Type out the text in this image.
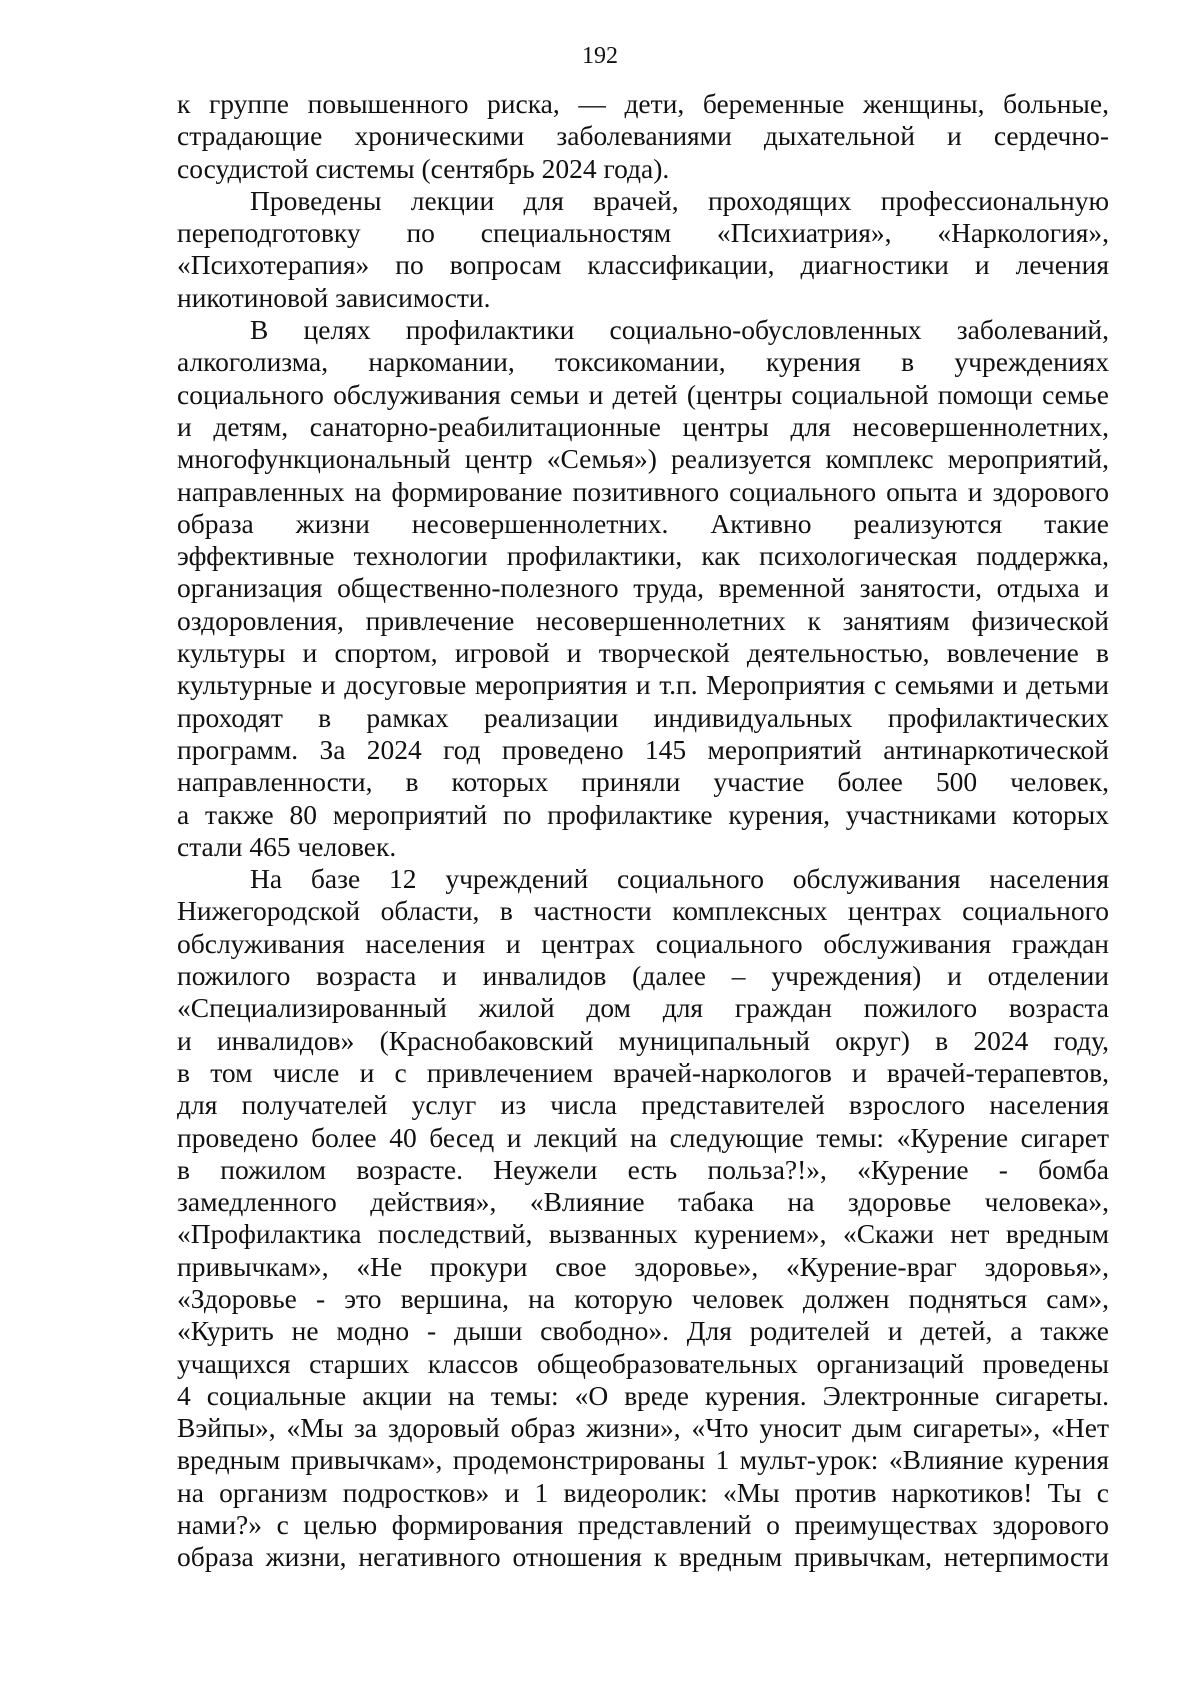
192
к группе повышенного риска, — дети, беременные женщины, больные,
страдающие хроническими заболеваниями дыхательной и сердечно-
сосудистой системы (сентябрь 2024 года).
Проведены лекции для врачей, проходящих профессиональную
переподготовку по специальностям «Психиатрия», «Наркология»,
«Психотерапия» по вопросам классификации, диагностики и лечения
никотиновой зависимости.
В целях профилактики социально-обусловленных заболеваний,
алкоголизма, наркомании, токсикомании, курения в учреждениях
социального обслуживания семьи и детей (центры социальной помощи семье
и детям, санаторно-реабилитационные центры для несовершеннолетних,
многофункциональный центр «Семья») реализуется комплекс мероприятий,
направленных на формирование позитивного социального опыта и здорового
образа жизни несовершеннолетних. Активно реализуются такие
эффективные технологии профилактики, как психологическая поддержка,
организация общественно-полезного труда, временной занятости, отдыха и
оздоровления, привлечение несовершеннолетних к занятиям физической
культуры и спортом, игровой и творческой деятельностью, вовлечение в
культурные и досуговые мероприятия и т.п. Мероприятия с семьями и детьми
проходят в рамках реализации индивидуальных профилактических
программ. За 2024 год проведено 145 мероприятий антинаркотической
направленности, в которых приняли участие более 500 человек,
а также 80 мероприятий по профилактике курения, участниками которых
стали 465 человек.
На базе 12 учреждений социального обслуживания населения
Нижегородской области, в частности комплексных центрах социального
обслуживания населения и центрах социального обслуживания граждан
пожилого возраста и инвалидов (далее – учреждения) и отделении
«Специализированный жилой дом для граждан пожилого возраста
и инвалидов» (Краснобаковский муниципальный округ) в 2024 году,
в том числе и с привлечением врачей-наркологов и врачей-терапевтов,
для получателей услуг из числа представителей взрослого населения
проведено более 40 бесед и лекций на следующие темы: «Курение сигарет
в пожилом возрасте. Неужели есть польза?!», «Курение - бомба
замедленного действия», «Влияние табака на здоровье человека»,
«Профилактика последствий, вызванных курением», «Скажи нет вредным
привычкам», «Не прокури свое здоровье», «Курение-враг здоровья»,
«Здоровье - это вершина, на которую человек должен подняться сам»,
«Курить не модно - дыши свободно». Для родителей и детей, а также
учащихся старших классов общеобразовательных организаций проведены
4 социальные акции на темы: «О вреде курения. Электронные сигареты.
Вэйпы», «Мы за здоровый образ жизни», «Что уносит дым сигареты», «Нет
вредным привычкам», продемонстрированы 1 мульт-урок: «Влияние курения
на организм подростков» и 1 видеоролик: «Мы против наркотиков! Ты с
нами?» с целью формирования представлений о преимуществах здорового
образа жизни, негативного отношения к вредным привычкам, нетерпимости
